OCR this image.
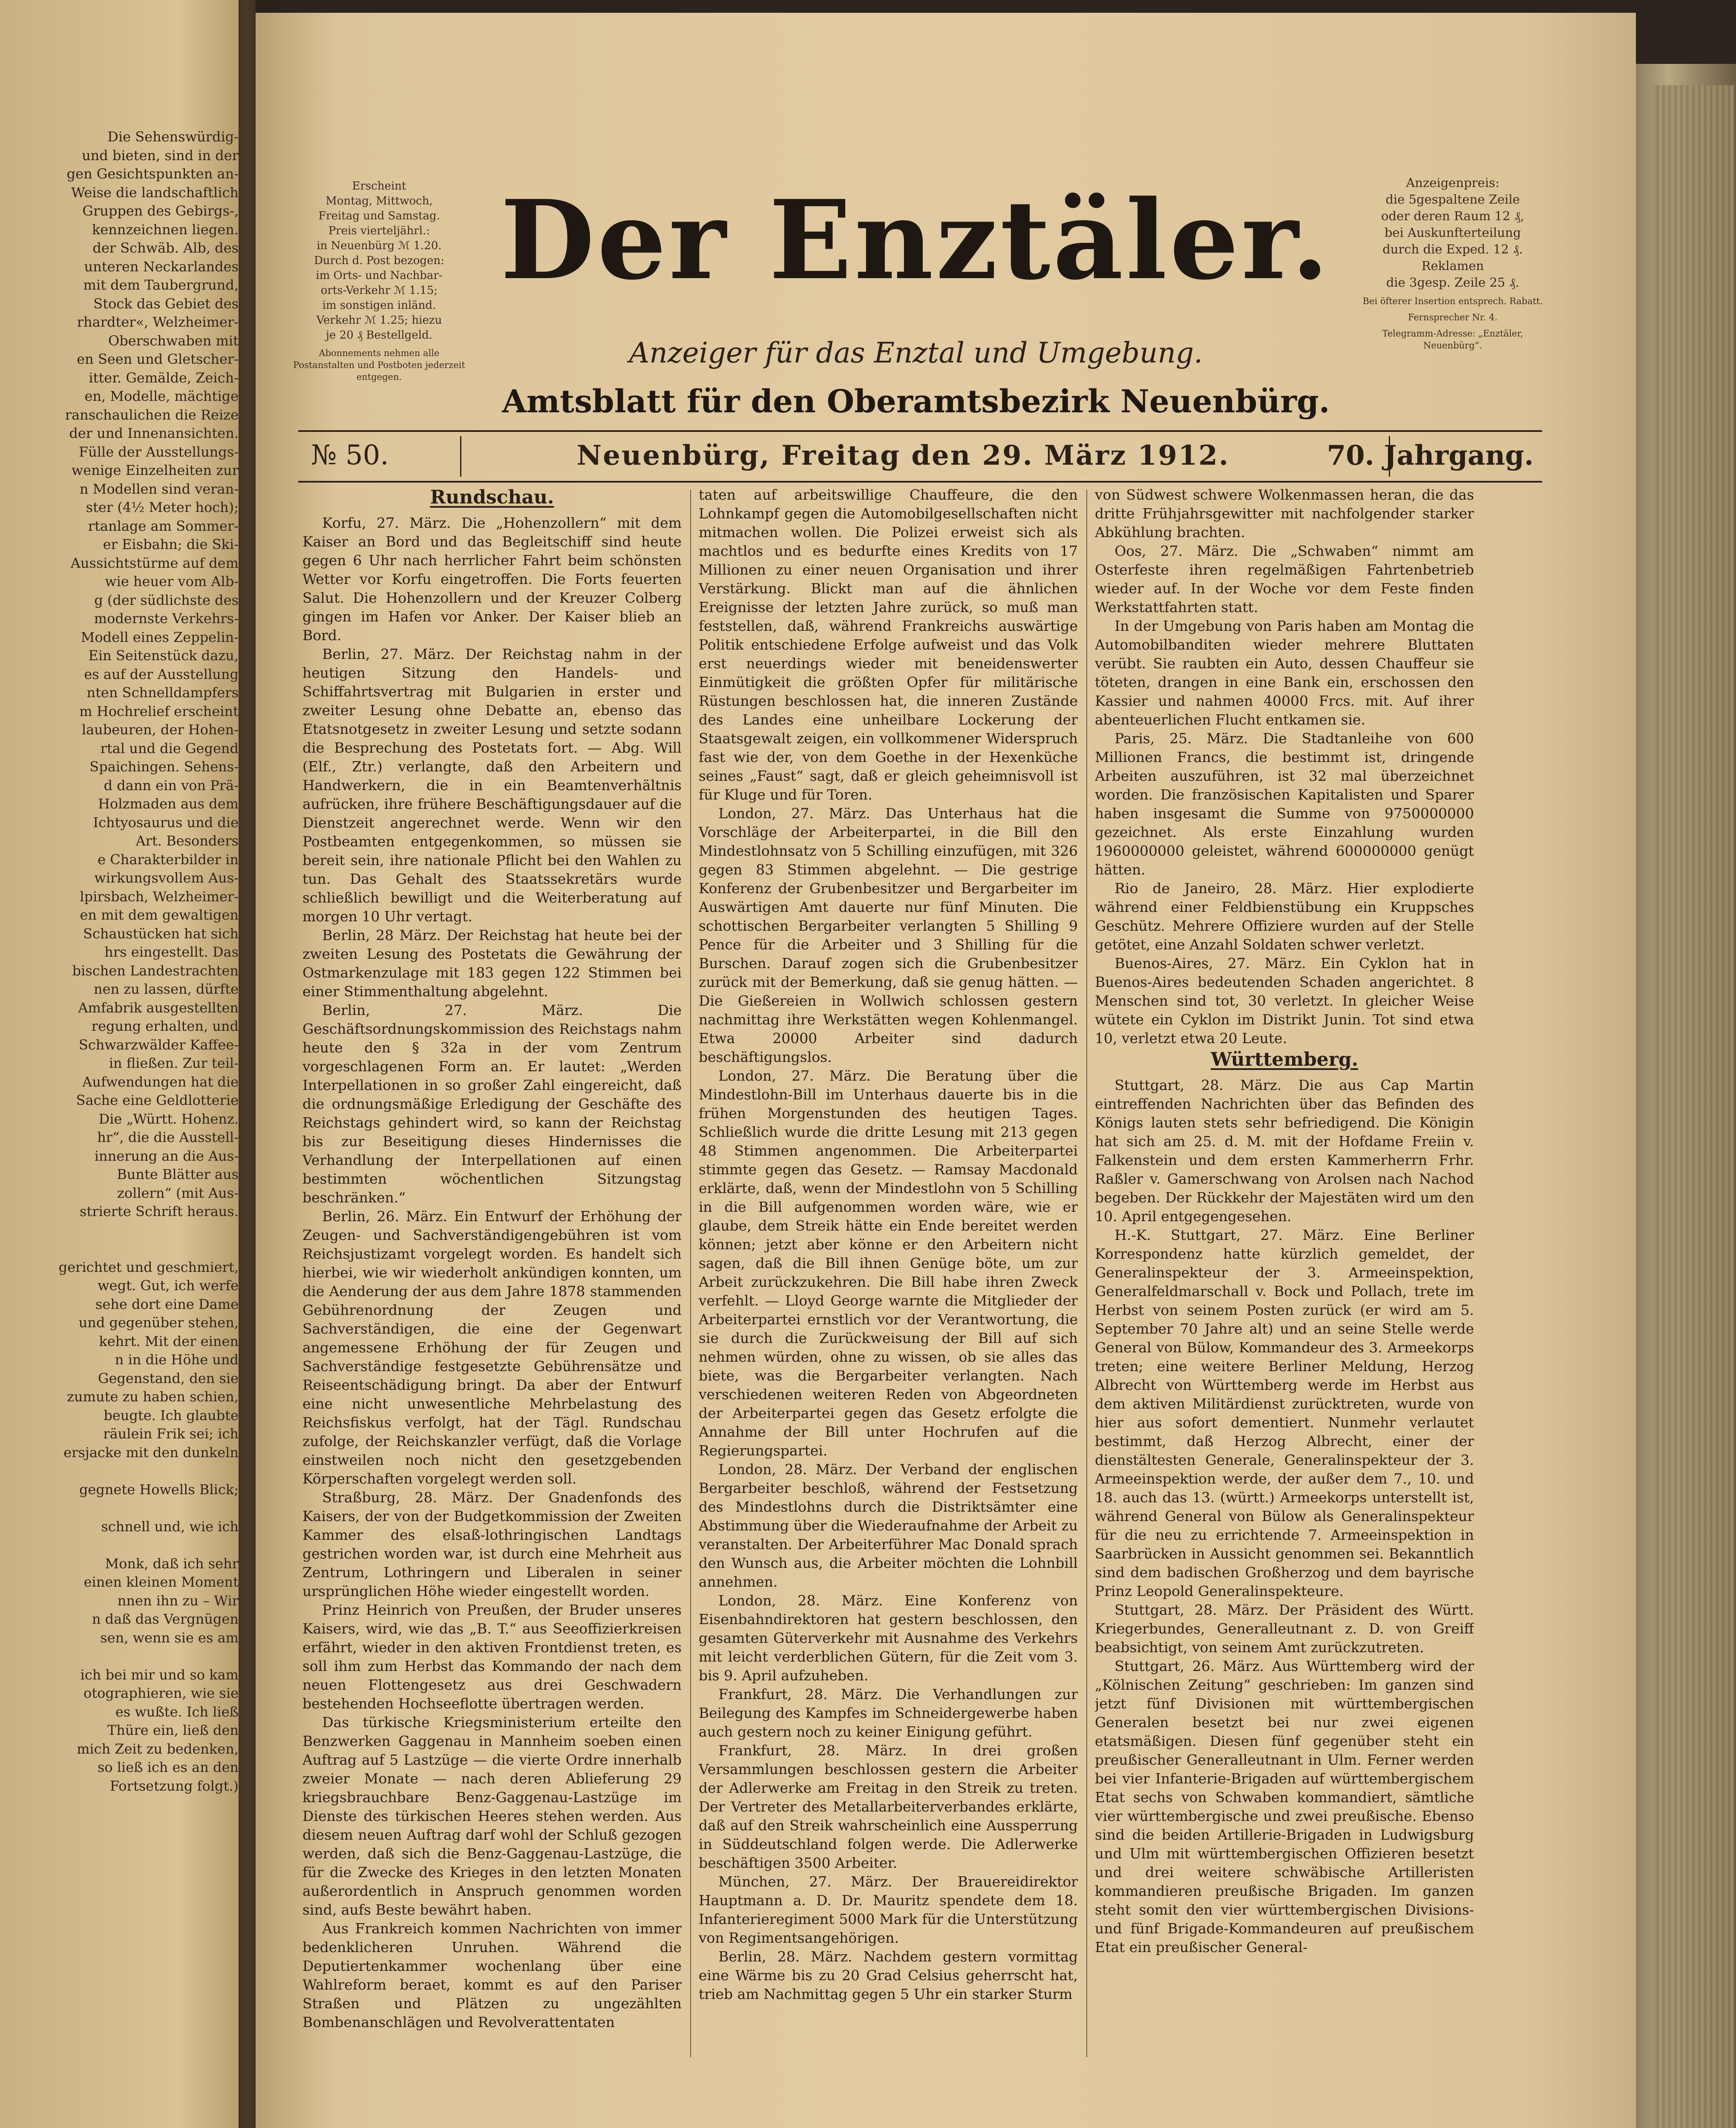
Die Sehenswürdig-
und bieten, sind in der
gen Gesichtspunkten an-
Weise die landschaftlich
Gruppen des Gebirgs-,
kennzeichnen liegen.
der Schwäb. Alb, des
unteren Neckarlandes
mit dem Taubergrund,
Stock das Gebiet des
rhardter«, Welzheimer-
Oberschwaben mit
en Seen und Gletscher-
itter. Gemälde, Zeich-
en, Modelle, mächtige
ranschaulichen die Reize
der und Innenansichten.
Fülle der Ausstellungs-
wenige Einzelheiten zur
n Modellen sind veran-
ster (4½ Meter hoch);
rtanlage am Sommer-
er Eisbahn; die Ski-
Aussichtstürme auf dem
wie heuer vom Alb-
g (der südlichste des
modernste Verkehrs-
Modell eines Zeppelin-
Ein Seitenstück dazu,
es auf der Ausstellung
nten Schnelldampfers
m Hochrelief erscheint
laubeuren, der Hohen-
rtal und die Gegend
Spaichingen. Sehens-
d dann ein von Prä-
Holzmaden aus dem
Ichtyosaurus und die
Art. Besonders
e Charakterbilder in
wirkungsvollem Aus-
lpirsbach, Welzheimer-
en mit dem gewaltigen
Schaustücken hat sich
hrs eingestellt. Das
bischen Landestrachten
nen zu lassen, dürfte
Amfabrik ausgestellten
regung erhalten, und
Schwarzwälder Kaffee-
in fließen. Zur teil-
Aufwendungen hat die
Sache eine Geldlotterie
Die „Württ. Hohenz.
hr“, die die Ausstell-
innerung an die Aus-
Bunte Blätter aus
zollern“ (mit Aus-
strierte Schrift heraus.
gerichtet und geschmiert,
wegt. Gut, ich werfe
sehe dort eine Dame
und gegenüber stehen,
kehrt. Mit der einen
n in die Höhe und
Gegenstand, den sie
zumute zu haben schien,
beugte. Ich glaubte
räulein Frik sei; ich
ersjacke mit den dunkeln
gegnete Howells Blick;
schnell und, wie ich
Monk, daß ich sehr
einen kleinen Moment
nnen ihn zu – Wir
n daß das Vergnügen
sen, wenn sie es am
ich bei mir und so kam
otographieren, wie sie
es wußte. Ich ließ
Thüre ein, ließ den
mich Zeit zu bedenken,
so ließ ich es an den
Fortsetzung folgt.)
Erscheint
Montag, Mittwoch,
Freitag und Samstag.
Preis vierteljährl.:
in Neuenbürg ℳ 1.20.
Durch d. Post bezogen:
im Orts- und Nachbar-
orts-Verkehr ℳ 1.15;
im sonstigen inländ.
Verkehr ℳ 1.25; hiezu
je 20 ₰ Bestellgeld.
Abonnements nehmen alle Postanstalten und Postboten jederzeit entgegen.
Der Enztäler.	Anzeigenpreis:
die 5gespaltene Zeile
oder deren Raum 12 ₰,
bei Auskunfterteilung
durch die Exped. 12 ₰.
Reklamen
die 3gesp. Zeile 25 ₰.
Bei öfterer Insertion entsprech. Rabatt.
Fernsprecher Nr. 4.
Telegramm-Adresse: „Enztäler, Neuenbürg“.
Anzeiger für das Enztal und Umgebung.
Amtsblatt für den Oberamtsbezirk Neuenbürg.
№ 50.	Neuenbürg, Freitag den 29. März 1912.	70. Jahrgang.
Rundschau.

Korfu, 27. März. Die „Hohenzollern“ mit dem Kaiser an Bord und das Begleitschiff sind heute gegen 6 Uhr nach herrlicher Fahrt beim schönsten Wetter vor Korfu eingetroffen. Die Forts feuerten Salut. Die Hohenzollern und der Kreuzer Colberg gingen im Hafen vor Anker. Der Kaiser blieb an Bord.

Berlin, 27. März. Der Reichstag nahm in der heutigen Sitzung den Handels- und Schiffahrtsvertrag mit Bulgarien in erster und zweiter Lesung ohne Debatte an, ebenso das Etatsnotgesetz in zweiter Lesung und setzte sodann die Besprechung des Postetats fort. — Abg. Will (Elf., Ztr.) verlangte, daß den Arbeitern und Handwerkern, die in ein Beamtenverhältnis aufrücken, ihre frühere Beschäftigungsdauer auf die Dienstzeit angerechnet werde. Wenn wir den Postbeamten entgegenkommen, so müssen sie bereit sein, ihre nationale Pflicht bei den Wahlen zu tun. Das Gehalt des Staatssekretärs wurde schließlich bewilligt und die Weiterberatung auf morgen 10 Uhr vertagt.

Berlin, 28 März. Der Reichstag hat heute bei der zweiten Lesung des Postetats die Gewährung der Ostmarkenzulage mit 183 gegen 122 Stimmen bei einer Stimmenthaltung abgelehnt.

Berlin, 27. März. Die Geschäftsordnungskommission des Reichstags nahm heute den § 32a in der vom Zentrum vorgeschlagenen Form an. Er lautet: „Werden Interpellationen in so großer Zahl eingereicht, daß die ordnungsmäßige Erledigung der Geschäfte des Reichstags gehindert wird, so kann der Reichstag bis zur Beseitigung dieses Hindernisses die Verhandlung der Interpellationen auf einen bestimmten wöchentlichen Sitzungstag beschränken.“

Berlin, 26. März. Ein Entwurf der Erhöhung der Zeugen- und Sachverständigengebühren ist vom Reichsjustizamt vorgelegt worden. Es handelt sich hierbei, wie wir wiederholt ankündigen konnten, um die Aenderung der aus dem Jahre 1878 stammenden Gebührenordnung der Zeugen und Sachverständigen, die eine der Gegenwart angemessene Erhöhung der für Zeugen und Sachverständige festgesetzte Gebührensätze und Reiseentschädigung bringt. Da aber der Entwurf eine nicht unwesentliche Mehrbelastung des Reichsfiskus verfolgt, hat der Tägl. Rundschau zufolge, der Reichskanzler verfügt, daß die Vorlage einstweilen noch nicht den gesetzgebenden Körperschaften vorgelegt werden soll.

Straßburg, 28. März. Der Gnadenfonds des Kaisers, der von der Budgetkommission der Zweiten Kammer des elsaß-lothringischen Landtags gestrichen worden war, ist durch eine Mehrheit aus Zentrum, Lothringern und Liberalen in seiner ursprünglichen Höhe wieder eingestellt worden.

Prinz Heinrich von Preußen, der Bruder unseres Kaisers, wird, wie das „B. T.“ aus Seeoffizierkreisen erfährt, wieder in den aktiven Frontdienst treten, es soll ihm zum Herbst das Kommando der nach dem neuen Flottengesetz aus drei Geschwadern bestehenden Hochseeflotte übertragen werden.

Das türkische Kriegsministerium erteilte den Benzwerken Gaggenau in Mannheim soeben einen Auftrag auf 5 Lastzüge — die vierte Ordre innerhalb zweier Monate — nach deren Ablieferung 29 kriegsbrauchbare Benz-Gaggenau-Lastzüge im Dienste des türkischen Heeres stehen werden. Aus diesem neuen Auftrag darf wohl der Schluß gezogen werden, daß sich die Benz-Gaggenau-Lastzüge, die für die Zwecke des Krieges in den letzten Monaten außerordentlich in Anspruch genommen worden sind, aufs Beste bewährt haben.

Aus Frankreich kommen Nachrichten von immer bedenklicheren Unruhen. Während die Deputiertenkammer wochenlang über eine Wahlreform beraet, kommt es auf den Pariser Straßen und Plätzen zu ungezählten Bombenanschlägen und Revolverattentaten

taten auf arbeitswillige Chauffeure, die den Lohnkampf gegen die Automobilgesellschaften nicht mitmachen wollen. Die Polizei erweist sich als machtlos und es bedurfte eines Kredits von 17 Millionen zu einer neuen Organisation und ihrer Verstärkung. Blickt man auf die ähnlichen Ereignisse der letzten Jahre zurück, so muß man feststellen, daß, während Frankreichs auswärtige Politik entschiedene Erfolge aufweist und das Volk erst neuerdings wieder mit beneidenswerter Einmütigkeit die größten Opfer für militärische Rüstungen beschlossen hat, die inneren Zustände des Landes eine unheilbare Lockerung der Staatsgewalt zeigen, ein vollkommener Widerspruch fast wie der, von dem Goethe in der Hexenküche seines „Faust“ sagt, daß er gleich geheimnisvoll ist für Kluge und für Toren.

London, 27. März. Das Unterhaus hat die Vorschläge der Arbeiterpartei, in die Bill den Mindestlohnsatz von 5 Schilling einzufügen, mit 326 gegen 83 Stimmen abgelehnt. — Die gestrige Konferenz der Grubenbesitzer und Bergarbeiter im Auswärtigen Amt dauerte nur fünf Minuten. Die schottischen Bergarbeiter verlangten 5 Shilling 9 Pence für die Arbeiter und 3 Shilling für die Burschen. Darauf zogen sich die Grubenbesitzer zurück mit der Bemerkung, daß sie genug hätten. — Die Gießereien in Wollwich schlossen gestern nachmittag ihre Werkstätten wegen Kohlenmangel. Etwa 20000 Arbeiter sind dadurch beschäftigungslos.

London, 27. März. Die Beratung über die Mindestlohn-Bill im Unterhaus dauerte bis in die frühen Morgenstunden des heutigen Tages. Schließlich wurde die dritte Lesung mit 213 gegen 48 Stimmen angenommen. Die Arbeiterpartei stimmte gegen das Gesetz. — Ramsay Macdonald erklärte, daß, wenn der Mindestlohn von 5 Schilling in die Bill aufgenommen worden wäre, wie er glaube, dem Streik hätte ein Ende bereitet werden können; jetzt aber könne er den Arbeitern nicht sagen, daß die Bill ihnen Genüge böte, um zur Arbeit zurückzukehren. Die Bill habe ihren Zweck verfehlt. — Lloyd George warnte die Mitglieder der Arbeiterpartei ernstlich vor der Verantwortung, die sie durch die Zurückweisung der Bill auf sich nehmen würden, ohne zu wissen, ob sie alles das biete, was die Bergarbeiter verlangten. Nach verschiedenen weiteren Reden von Abgeordneten der Arbeiterpartei gegen das Gesetz erfolgte die Annahme der Bill unter Hochrufen auf die Regierungspartei.

London, 28. März. Der Verband der englischen Bergarbeiter beschloß, während der Festsetzung des Mindestlohns durch die Distriktsämter eine Abstimmung über die Wiederaufnahme der Arbeit zu veranstalten. Der Arbeiterführer Mac Donald sprach den Wunsch aus, die Arbeiter möchten die Lohnbill annehmen.

London, 28. März. Eine Konferenz von Eisenbahndirektoren hat gestern beschlossen, den gesamten Güterverkehr mit Ausnahme des Verkehrs mit leicht verderblichen Gütern, für die Zeit vom 3. bis 9. April aufzuheben.

Frankfurt, 28. März. Die Verhandlungen zur Beilegung des Kampfes im Schneidergewerbe haben auch gestern noch zu keiner Einigung geführt.

Frankfurt, 28. März. In drei großen Versammlungen beschlossen gestern die Arbeiter der Adlerwerke am Freitag in den Streik zu treten. Der Vertreter des Metallarbeiterverbandes erklärte, daß auf den Streik wahrscheinlich eine Aussperrung in Süddeutschland folgen werde. Die Adlerwerke beschäftigen 3500 Arbeiter.

München, 27. März. Der Brauereidirektor Hauptmann a. D. Dr. Mauritz spendete dem 18. Infanterieregiment 5000 Mark für die Unterstützung von Regimentsangehörigen.

Berlin, 28. März. Nachdem gestern vormittag eine Wärme bis zu 20 Grad Celsius geherrscht hat, trieb am Nachmittag gegen 5 Uhr ein starker Sturm

von Südwest schwere Wolkenmassen heran, die das dritte Frühjahrsgewitter mit nachfolgender starker Abkühlung brachten.

Oos, 27. März. Die „Schwaben“ nimmt am Osterfeste ihren regelmäßigen Fahrtenbetrieb wieder auf. In der Woche vor dem Feste finden Werkstattfahrten statt.

In der Umgebung von Paris haben am Montag die Automobilbanditen wieder mehrere Bluttaten verübt. Sie raubten ein Auto, dessen Chauffeur sie töteten, drangen in eine Bank ein, erschossen den Kassier und nahmen 40000 Frcs. mit. Auf ihrer abenteuerlichen Flucht entkamen sie.

Paris, 25. März. Die Stadtanleihe von 600 Millionen Francs, die bestimmt ist, dringende Arbeiten auszuführen, ist 32 mal überzeichnet worden. Die französischen Kapitalisten und Sparer haben insgesamt die Summe von 9750000000 gezeichnet. Als erste Einzahlung wurden 1960000000 geleistet, während 600000000 genügt hätten.

Rio de Janeiro, 28. März. Hier explodierte während einer Feldbienstübung ein Kruppsches Geschütz. Mehrere Offiziere wurden auf der Stelle getötet, eine Anzahl Soldaten schwer verletzt.

Buenos-Aires, 27. März. Ein Cyklon hat in Buenos-Aires bedeutenden Schaden angerichtet. 8 Menschen sind tot, 30 verletzt. In gleicher Weise wütete ein Cyklon im Distrikt Junin. Tot sind etwa 10, verletzt etwa 20 Leute.

Württemberg.

Stuttgart, 28. März. Die aus Cap Martin eintreffenden Nachrichten über das Befinden des Königs lauten stets sehr befriedigend. Die Königin hat sich am 25. d. M. mit der Hofdame Freiin v. Falkenstein und dem ersten Kammerherrn Frhr. Raßler v. Gamerschwang von Arolsen nach Nachod begeben. Der Rückkehr der Majestäten wird um den 10. April entgegengesehen.

H.-K. Stuttgart, 27. März. Eine Berliner Korrespondenz hatte kürzlich gemeldet, der Generalinspekteur der 3. Armeeinspektion, Generalfeldmarschall v. Bock und Pollach, trete im Herbst von seinem Posten zurück (er wird am 5. September 70 Jahre alt) und an seine Stelle werde General von Bülow, Kommandeur des 3. Armeekorps treten; eine weitere Berliner Meldung, Herzog Albrecht von Württemberg werde im Herbst aus dem aktiven Militärdienst zurücktreten, wurde von hier aus sofort dementiert. Nunmehr verlautet bestimmt, daß Herzog Albrecht, einer der dienstältesten Generale, Generalinspekteur der 3. Armeeinspektion werde, der außer dem 7., 10. und 18. auch das 13. (württ.) Armeekorps unterstellt ist, während General von Bülow als Generalinspekteur für die neu zu errichtende 7. Armeeinspektion in Saarbrücken in Aussicht genommen sei. Bekanntlich sind dem badischen Großherzog und dem bayrische Prinz Leopold Generalinspekteure.

Stuttgart, 28. März. Der Präsident des Württ. Kriegerbundes, Generalleutnant z. D. von Greiff beabsichtigt, von seinem Amt zurückzutreten.

Stuttgart, 26. März. Aus Württemberg wird der „Kölnischen Zeitung“ geschrieben: Im ganzen sind jetzt fünf Divisionen mit württembergischen Generalen besetzt bei nur zwei eigenen etatsmäßigen. Diesen fünf gegenüber steht ein preußischer Generalleutnant in Ulm. Ferner werden bei vier Infanterie-Brigaden auf württembergischem Etat sechs von Schwaben kommandiert, sämtliche vier württembergische und zwei preußische. Ebenso sind die beiden Artillerie-Brigaden in Ludwigsburg und Ulm mit württembergischen Offizieren besetzt und drei weitere schwäbische Artilleristen kommandieren preußische Brigaden. Im ganzen steht somit den vier württembergischen Divisions- und fünf Brigade-Kommandeuren auf preußischem Etat ein preußischer General-
